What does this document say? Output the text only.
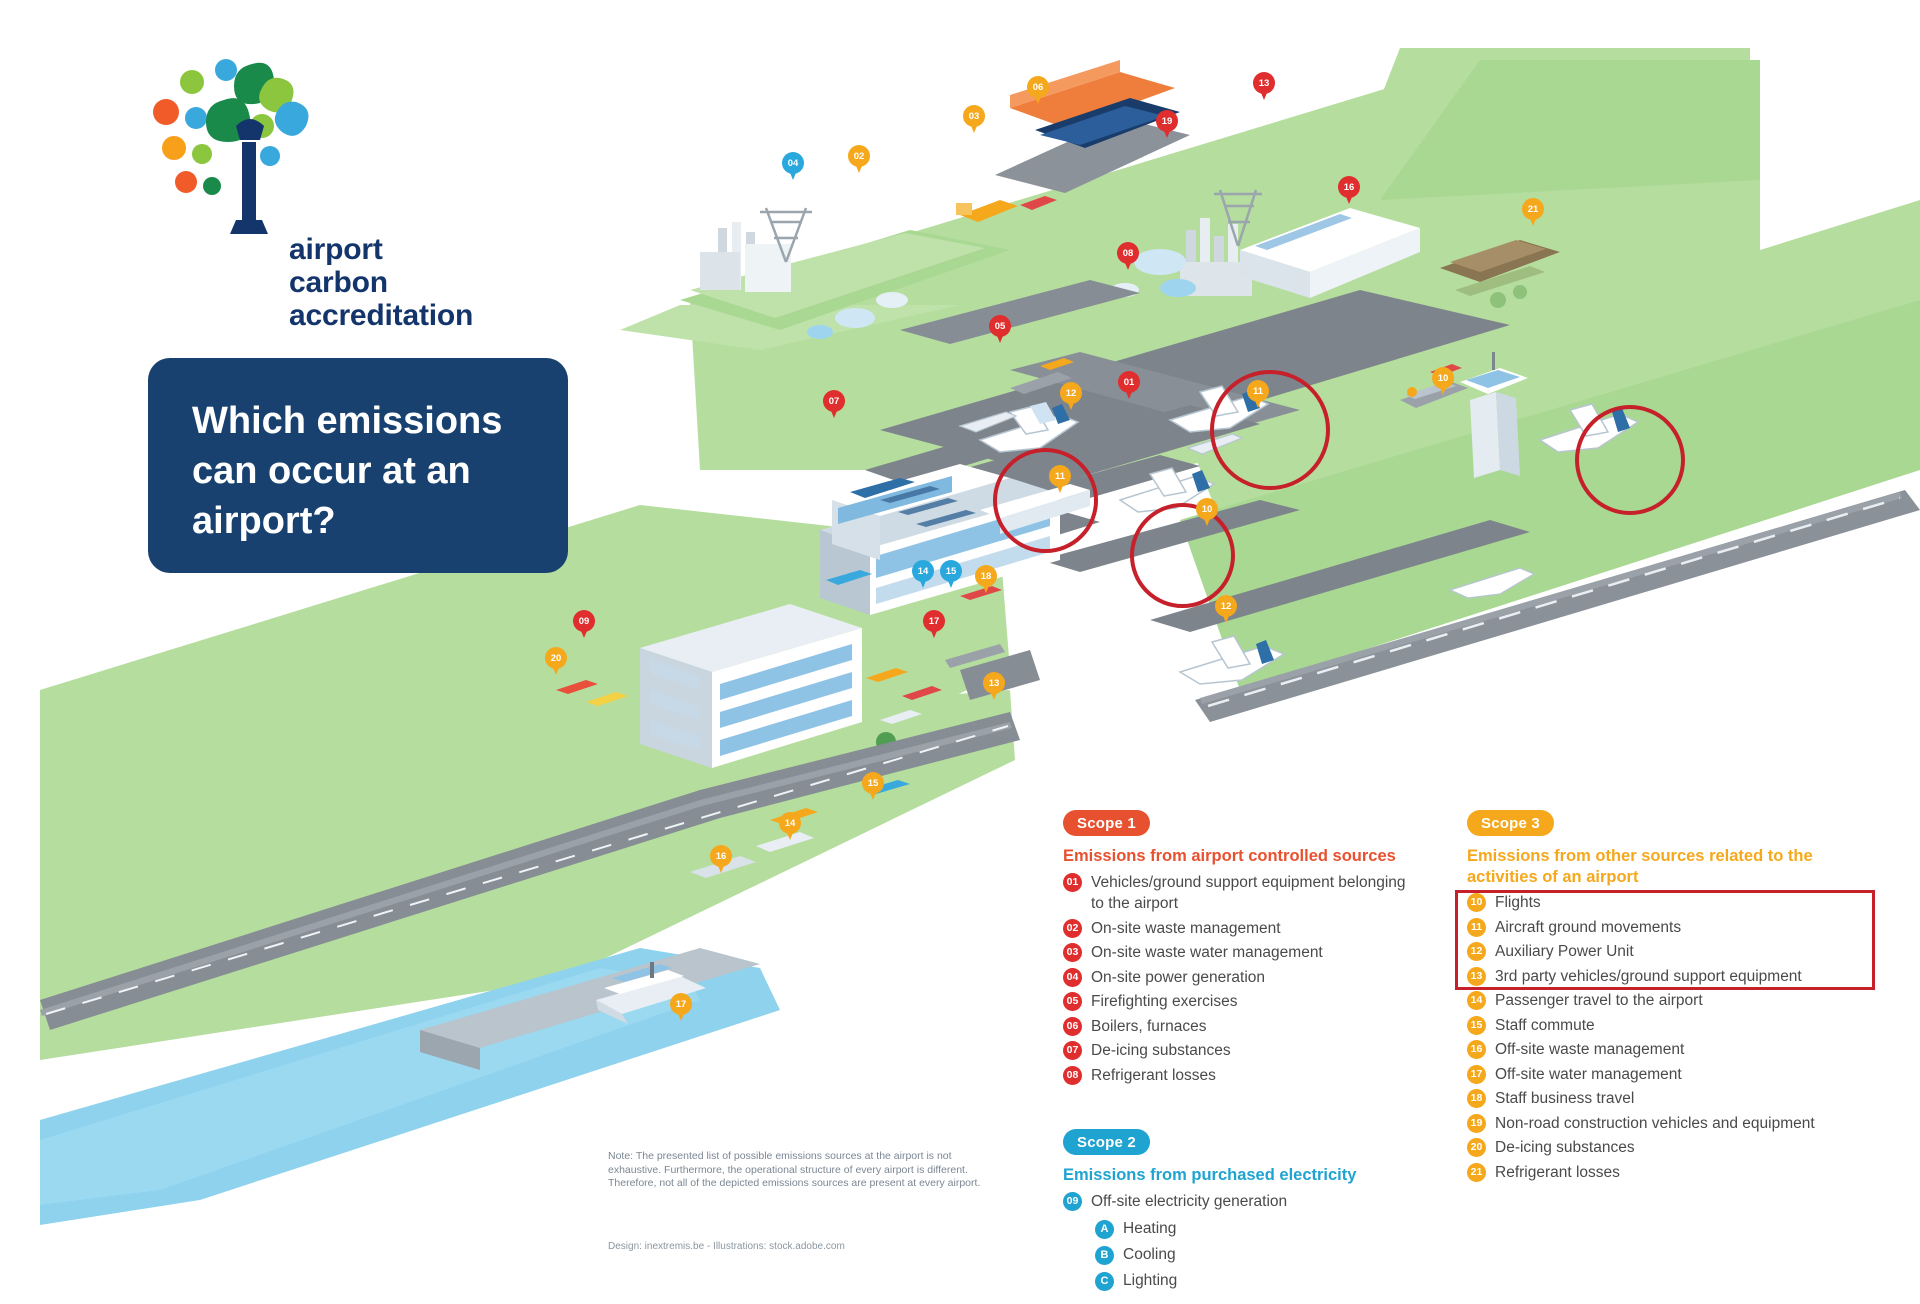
04
06
19
13
02
03
16
08
21
05
12	11
01
07
10
11
10
14	15	18
17
09
12
20
13
15
14
16
17
airport
carbon
accreditation
Which emissions can occur at an airport?
Scope 1
Emissions from airport controlled sources
01 Vehicles/ground support equipment belonging to the airport
02 On-site waste management
03 On-site waste water management
04 On-site power generation
05 Firefighting exercises
06 Boilers, furnaces
07 De-icing substances
08 Refrigerant losses
Scope 2
Emissions from purchased electricity
09 Off-site electricity generation
A Heating
B Cooling
C Lighting
Scope 3
Emissions from other sources related to the activities of an airport
10 Flights
11 Aircraft ground movements
12 Auxiliary Power Unit
13 3rd party vehicles/ground support equipment
14 Passenger travel to the airport
15 Staff commute
16 Off-site waste management
17 Off-site water management
18 Staff business travel
19 Non-road construction vehicles and equipment
20 De-icing substances
21 Refrigerant losses
Note: The presented list of possible emissions sources at the airport is not exhaustive. Furthermore, the operational structure of every airport is different. Therefore, not all of the depicted emissions sources are present at every airport.
Design: inextremis.be - Illustrations: stock.adobe.com
